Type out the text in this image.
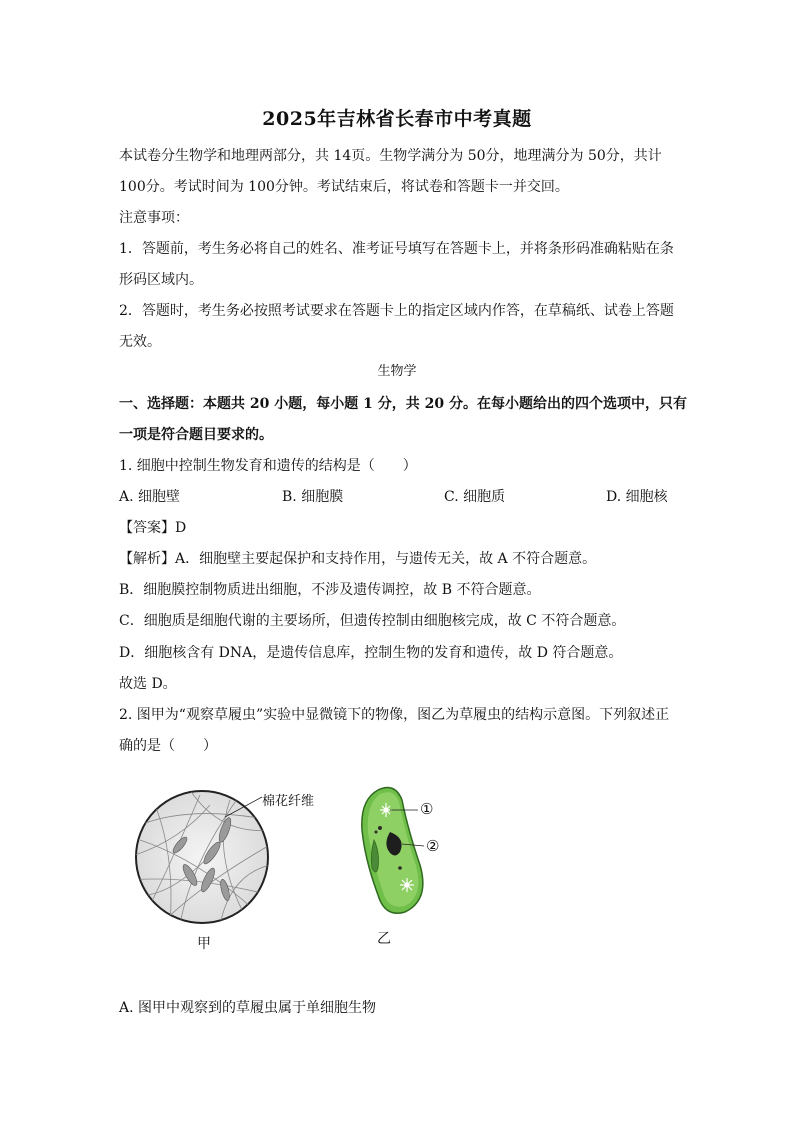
2025年吉林省长春市中考真题
本试卷分生物学和地理两部分，共 14页。生物学满分为 50分，地理满分为 50分，共计
100分。考试时间为 100分钟。考试结束后，将试卷和答题卡一并交回。
注意事项：
1．答题前，考生务必将自己的姓名、准考证号填写在答题卡上，并将条形码准确粘贴在条
形码区域内。
2．答题时，考生务必按照考试要求在答题卡上的指定区域内作答，在草稿纸、试卷上答题
无效。
生物学
一、选择题：本题共 20 小题，每小题 1 分，共 20 分。在每小题给出的四个选项中，只有
一项是符合题目要求的。
1. 细胞中控制生物发育和遗传的结构是（　　）
A. 细胞壁	B. 细胞膜	C. 细胞质	D. 细胞核
【答案】D
【解析】A．细胞壁主要起保护和支持作用，与遗传无关，故 A 不符合题意。
B．细胞膜控制物质进出细胞，不涉及遗传调控，故 B 不符合题意。
C．细胞质是细胞代谢的主要场所，但遗传控制由细胞核完成，故 C 不符合题意。
D．细胞核含有 DNA，是遗传信息库，控制生物的发育和遗传，故 D 符合题意。
故选 D。
2. 图甲为“观察草履虫”实验中显微镜下的物像，图乙为草履虫的结构示意图。下列叙述正
确的是（　　）
棉花纤维
甲
①
②
乙
A. 图甲中观察到的草履虫属于单细胞生物
